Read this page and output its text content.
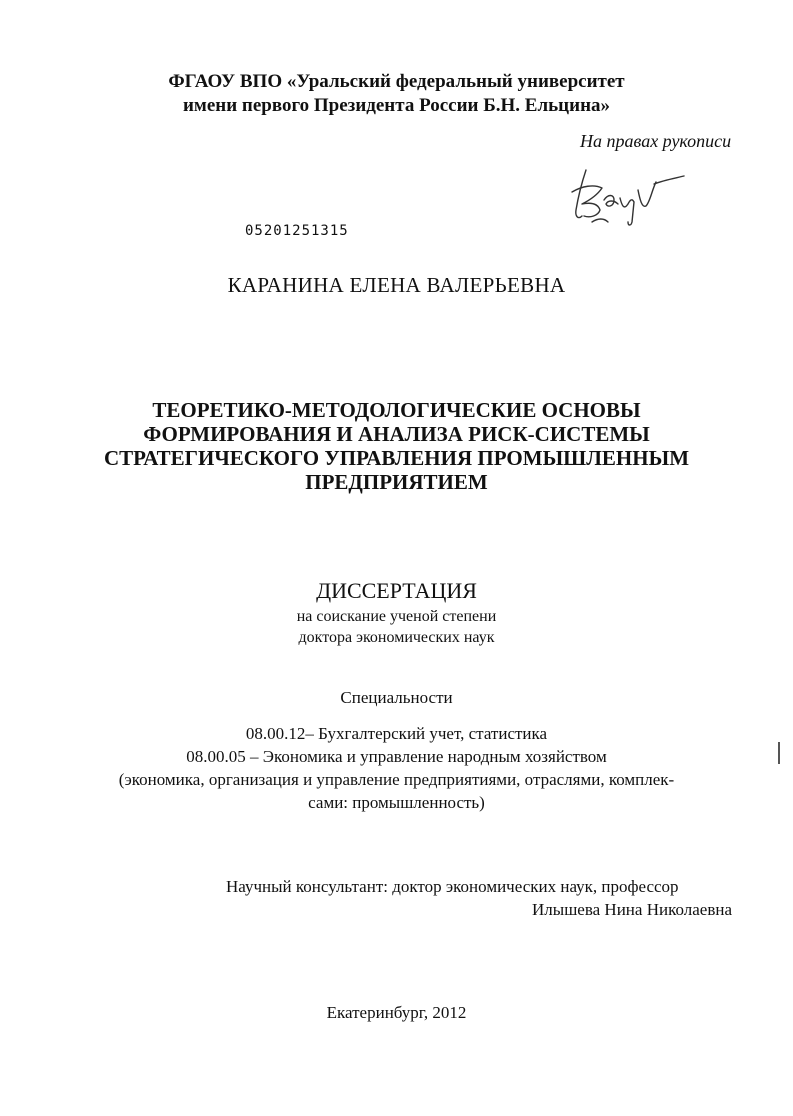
ФГАОУ ВПО «Уральский федеральный университет
имени первого Президента России Б.Н. Ельцина»
На правах рукописи
05201251315
КАРАНИНА ЕЛЕНА ВАЛЕРЬЕВНА
ТЕОРЕТИКО-МЕТОДОЛОГИЧЕСКИЕ ОСНОВЫ
ФОРМИРОВАНИЯ И АНАЛИЗА РИСК-СИСТЕМЫ
СТРАТЕГИЧЕСКОГО УПРАВЛЕНИЯ ПРОМЫШЛЕННЫМ
ПРЕДПРИЯТИЕМ
ДИССЕРТАЦИЯ
на соискание ученой степени
доктора экономических наук
Специальности
08.00.12– Бухгалтерский учет, статистика
08.00.05 – Экономика и управление народным хозяйством
(экономика, организация и управление предприятиями, отраслями, комплек-
сами: промышленность)
Научный консультант: доктор экономических наук, профессор
Илышева Нина Николаевна
Екатеринбург, 2012
